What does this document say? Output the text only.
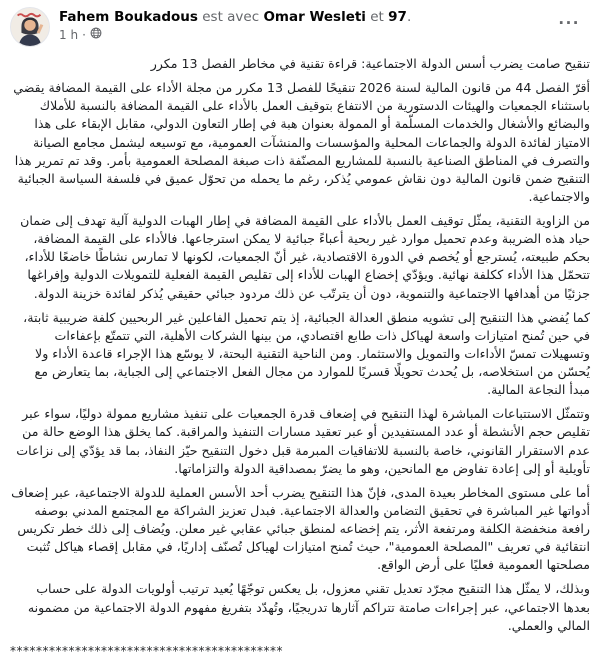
Fahem Boukadous est avec Omar Wesleti et 97.
1 h ·
···

تنقيح صامت يضرب أسس الدولة الاجتماعية: قراءة تقنية في مخاطر الفصل 13 مكرر

أقرّ الفصل 44 من قانون المالية لسنة 2026 تنقيحًا للفصل 13 مكرر من مجلة الأداء على القيمة المضافة يقضي باستثناء الجمعيات والهيئات الدستورية من الانتفاع بتوقيف العمل بالأداء على القيمة المضافة بالنسبة للأملاك والبضائع والأشغال والخدمات المسلّمة أو الممولة بعنوان هبة في إطار التعاون الدولي، مقابل الإبقاء على هذا الامتياز لفائدة الدولة والجماعات المحلية والمؤسسات والمنشآت العمومية، مع توسيعه ليشمل مجامع الصيانة والتصرف في المناطق الصناعية بالنسبة للمشاريع المصنّفة ذات صبغة المصلحة العمومية بأمر. وقد تم تمرير هذا التنقيح ضمن قانون المالية دون نقاش عمومي يُذكر، رغم ما يحمله من تحوّل عميق في فلسفة السياسة الجبائية والاجتماعية.

من الزاوية التقنية، يمثّل توقيف العمل بالأداء على القيمة المضافة في إطار الهبات الدولية آلية تهدف إلى ضمان حياد هذه الضريبة وعدم تحميل موارد غير ربحية أعباءً جبائية لا يمكن استرجاعها. فالأداء على القيمة المضافة، بحكم طبيعته، يُسترجع أو يُخصم في الدورة الاقتصادية، غير أنّ الجمعيات، لكونها لا تمارس نشاطًا خاضعًا للأداء، تتحمّل هذا الأداء ككلفة نهائية. ويؤدّي إخضاع الهبات للأداء إلى تقليص القيمة الفعلية للتمويلات الدولية وإفراغها جزئيًا من أهدافها الاجتماعية والتنموية، دون أن يترتّب عن ذلك مردود جبائي حقيقي يُذكر لفائدة خزينة الدولة.

كما يُفضي هذا التنقيح إلى تشويه منطق العدالة الجبائية، إذ يتم تحميل الفاعلين غير الربحيين كلفة ضريبية ثابتة، في حين تُمنح امتيازات واسعة لهياكل ذات طابع اقتصادي، من بينها الشركات الأهلية، التي تتمتّع بإعفاءات وتسهيلات تمسّ الأداءات والتمويل والاستثمار. ومن الناحية التقنية البحتة، لا يوسّع هذا الإجراء قاعدة الأداء ولا يُحسّن من استخلاصه، بل يُحدث تحويلًا قسريًا للموارد من مجال الفعل الاجتماعي إلى الجباية، بما يتعارض مع مبدأ النجاعة المالية.

وتتمثّل الاستتباعات المباشرة لهذا التنقيح في إضعاف قدرة الجمعيات على تنفيذ مشاريع ممولة دوليًا، سواء عبر تقليص حجم الأنشطة أو عدد المستفيدين أو عبر تعقيد مسارات التنفيذ والمراقبة. كما يخلق هذا الوضع حالة من عدم الاستقرار القانوني، خاصة بالنسبة للاتفاقيات المبرمة قبل دخول التنقيح حيّز النفاذ، بما قد يؤدّي إلى نزاعات تأويلية أو إلى إعادة تفاوض مع المانحين، وهو ما يضرّ بمصداقية الدولة والتزاماتها.

أما على مستوى المخاطر بعيدة المدى، فإنّ هذا التنقيح يضرب أحد الأسس العملية للدولة الاجتماعية، عبر إضعاف أدواتها غير المباشرة في تحقيق التضامن والعدالة الاجتماعية. فبدل تعزيز الشراكة مع المجتمع المدني بوصفه رافعة منخفضة الكلفة ومرتفعة الأثر، يتم إخضاعه لمنطق جبائي عقابي غير معلن. ويُضاف إلى ذلك خطر تكريس انتقائية في تعريف "المصلحة العمومية"، حيث تُمنح امتيازات لهياكل تُصنّف إداريًا، في مقابل إقصاء هياكل تُثبت مصلحتها العمومية فعليًا على أرض الواقع.

وبذلك، لا يمثّل هذا التنقيح مجرّد تعديل تقني معزول، بل يعكس توجّهًا يُعيد ترتيب أولويات الدولة على حساب بعدها الاجتماعي، عبر إجراءات صامتة تتراكم آثارها تدريجيًا، وتُهدّد بتفريغ مفهوم الدولة الاجتماعية من مضمونه المالي والعملي.

******************************************
